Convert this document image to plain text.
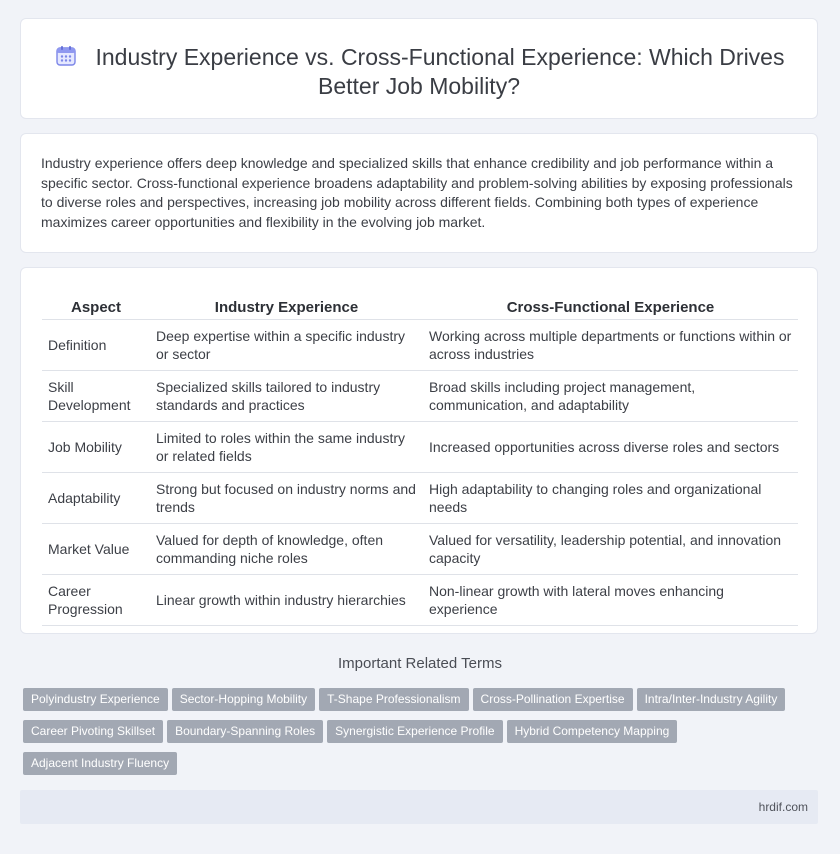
Industry Experience vs. Cross-Functional Experience: Which Drives Better Job Mobility?
Industry experience offers deep knowledge and specialized skills that enhance credibility and job performance within a specific sector. Cross-functional experience broadens adaptability and problem-solving abilities by exposing professionals to diverse roles and perspectives, increasing job mobility across different fields. Combining both types of experience maximizes career opportunities and flexibility in the evolving job market.
Aspect	Industry Experience	Cross-Functional Experience
Definition	Deep expertise within a specific industry or sector	Working across multiple departments or functions within or across industries
Skill Development	Specialized skills tailored to industry standards and practices	Broad skills including project management, communication, and adaptability
Job Mobility	Limited to roles within the same industry or related fields	Increased opportunities across diverse roles and sectors
Adaptability	Strong but focused on industry norms and trends	High adaptability to changing roles and organizational needs
Market Value	Valued for depth of knowledge, often commanding niche roles	Valued for versatility, leadership potential, and innovation capacity
Career Progression	Linear growth within industry hierarchies	Non-linear growth with lateral moves enhancing experience
Important Related Terms
Polyindustry Experience Sector-Hopping Mobility T-Shape Professionalism Cross-Pollination Expertise Intra/Inter-Industry AgilityCareer Pivoting Skillset Boundary-Spanning Roles Synergistic Experience Profile Hybrid Competency MappingAdjacent Industry Fluency
hrdif.com
